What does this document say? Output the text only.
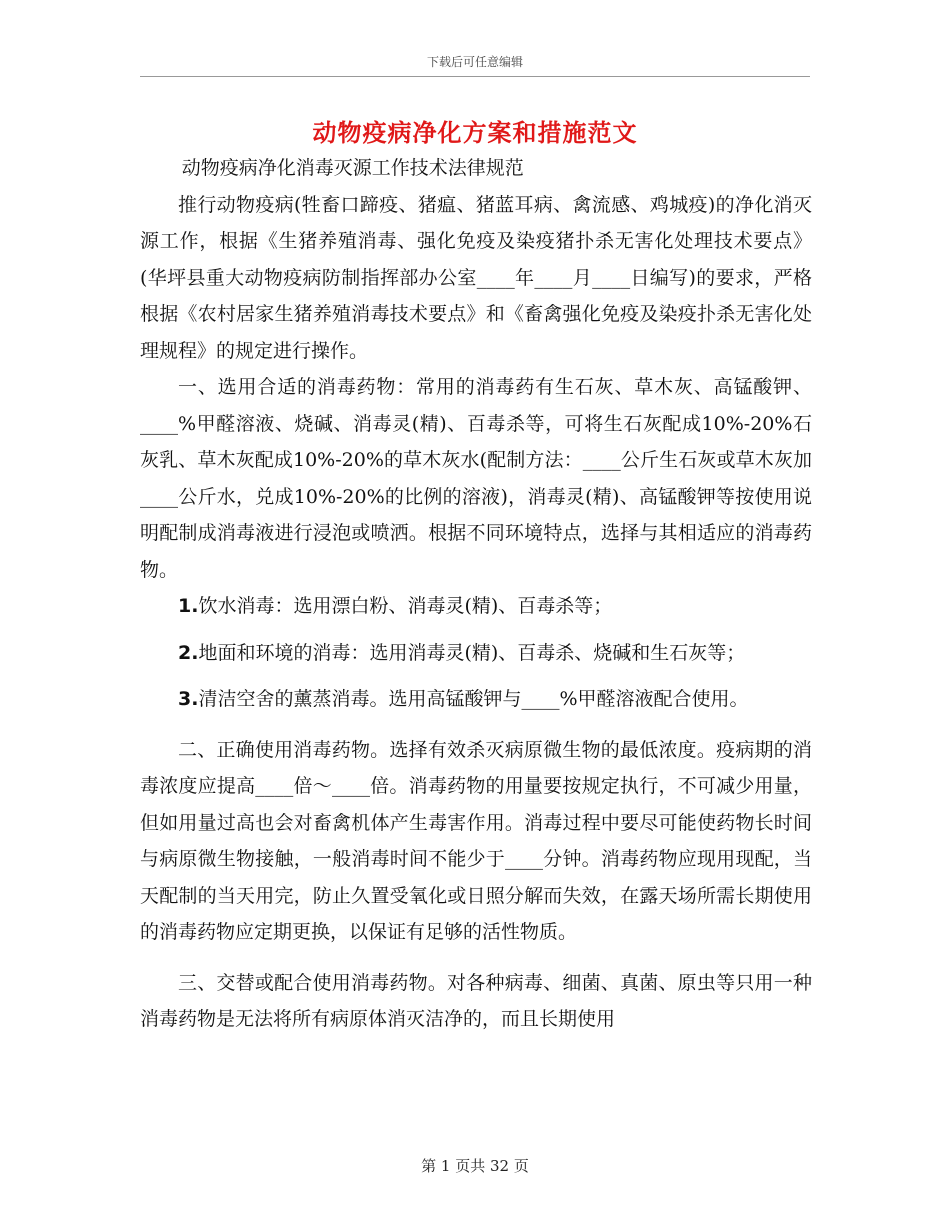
下载后可任意编辑
动物疫病净化方案和措施范文

动物疫病净化消毒灭源工作技术法律规范

推行动物疫病(牲畜口蹄疫、猪瘟、猪蓝耳病、禽流感、鸡城疫)的净化消灭源工作，根据《生猪养殖消毒、强化免疫及染疫猪扑杀无害化处理技术要点》(华坪县重大动物疫病防制指挥部办公室____年____月____日编写)的要求，严格根据《农村居家生猪养殖消毒技术要点》和《畜禽强化免疫及染疫扑杀无害化处理规程》的规定进行操作。

一、选用合适的消毒药物：常用的消毒药有生石灰、草木灰、高锰酸钾、____%甲醛溶液、烧碱、消毒灵(精)、百毒杀等，可将生石灰配成10%-20%石灰乳、草木灰配成10%-20%的草木灰水(配制方法：____公斤生石灰或草木灰加____公斤水，兑成10%-20%的比例的溶液)，消毒灵(精)、高锰酸钾等按使用说明配制成消毒液进行浸泡或喷洒。根据不同环境特点，选择与其相适应的消毒药物。

1.饮水消毒：选用漂白粉、消毒灵(精)、百毒杀等；

2.地面和环境的消毒：选用消毒灵(精)、百毒杀、烧碱和生石灰等；

3.清洁空舍的薰蒸消毒。选用高锰酸钾与____%甲醛溶液配合使用。

二、正确使用消毒药物。选择有效杀灭病原微生物的最低浓度。疫病期的消毒浓度应提高____倍～____倍。消毒药物的用量要按规定执行，不可减少用量，但如用量过高也会对畜禽机体产生毒害作用。消毒过程中要尽可能使药物长时间与病原微生物接触，一般消毒时间不能少于____分钟。消毒药物应现用现配，当天配制的当天用完，防止久置受氧化或日照分解而失效，在露天场所需长期使用的消毒药物应定期更换，以保证有足够的活性物质。

三、交替或配合使用消毒药物。对各种病毒、细菌、真菌、原虫等只用一种消毒药物是无法将所有病原体消灭洁净的，而且长期使用

第 1 页共 32 页
